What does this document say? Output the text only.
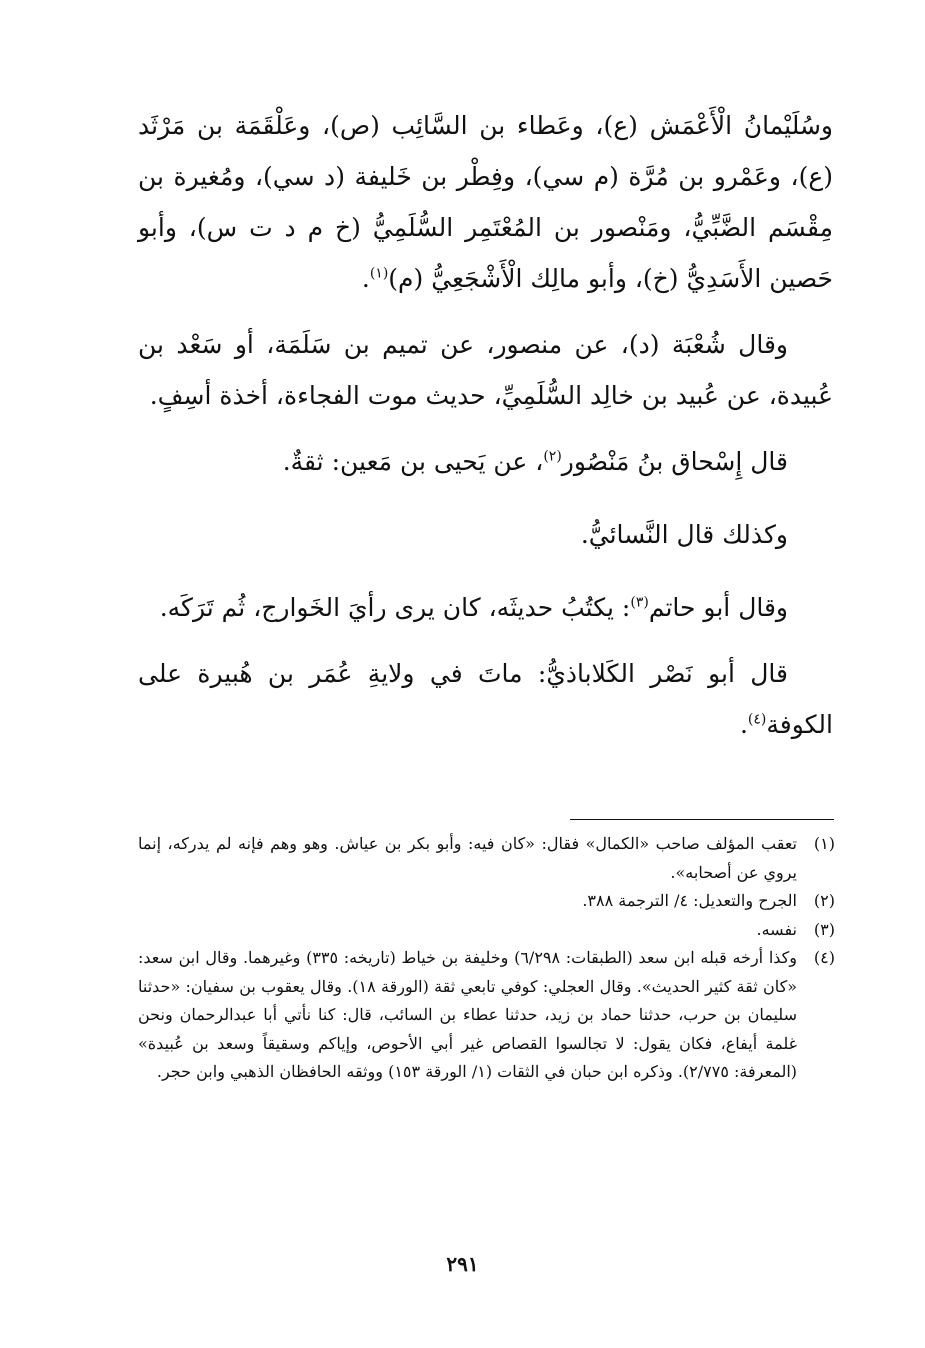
وسُلَيْمانُ الْأَعْمَش (ع)، وعَطاء بن السَّائِب (ص)، وعَلْقَمَة بن مَرْثَد (ع)، وعَمْرو بن مُرَّة (م سي)، وفِطْر بن خَليفة (د سي)، ومُغيرة بن مِقْسَم الضَّبِّيُّ، ومَنْصور بن المُعْتَمِر السُّلَمِيُّ (خ م د ت س)، وأبو حَصين الأَسَدِيُّ (خ)، وأبو مالِك الْأَشْجَعِيُّ (م)$^{(١)}$.

وقال شُعْبَة (د)، عن منصور، عن تميم بن سَلَمَة، أو سَعْد بن عُبيدة، عن عُبيد بن خالِد السُّلَمِيِّ، حديث موت الفجاءة، أخذة أسِفٍ.

قال إِسْحاق بنُ مَنْصُور$^{(٢)}$، عن يَحيى بن مَعين: ثقةٌ.

وكذلك قال النَّسائيُّ.

وقال أبو حاتم$^{(٣)}$: يكتُبُ حديثَه، كان يرى رأيَ الخَوارج، ثُم تَرَكَه.

قال أبو نَصْر الكَلاباذيُّ: ماتَ في ولايةِ عُمَر بن هُبيرة على الكوفة$^{(٤)}$.

(١)
تعقب المؤلف صاحب «الكمال» فقال: «كان فيه: وأبو بكر بن عياش. وهو وهم فإنه لم يدركه، إنما يروي عن أصحابه».
(٢)
الجرح والتعديل: ٤/ الترجمة ٣٨٨.
(٣)
نفسه.
(٤)
وكذا أرخه قبله ابن سعد (الطبقات: ٦/٢٩٨) وخليفة بن خياط (تاريخه: ٣٣٥) وغيرهما. وقال ابن سعد: «كان ثقة كثير الحديث». وقال العجلي: كوفي تابعي ثقة (الورقة ١٨). وقال يعقوب بن سفيان: «حدثنا سليمان بن حرب، حدثنا حماد بن زيد، حدثنا عطاء بن السائب، قال: كنا نأتي أبا عبدالرحمان ونحن غلمة أيفاع، فكان يقول: لا تجالسوا القصاص غير أبي الأحوص، وإياكم وسقيقاً وسعد بن عُبيدة» (المعرفة: ٢/٧٧٥). وذكره ابن حبان في الثقات (١/ الورقة ١٥٣) ووثقه الحافظان الذهبي وابن حجر.
٢٩١
